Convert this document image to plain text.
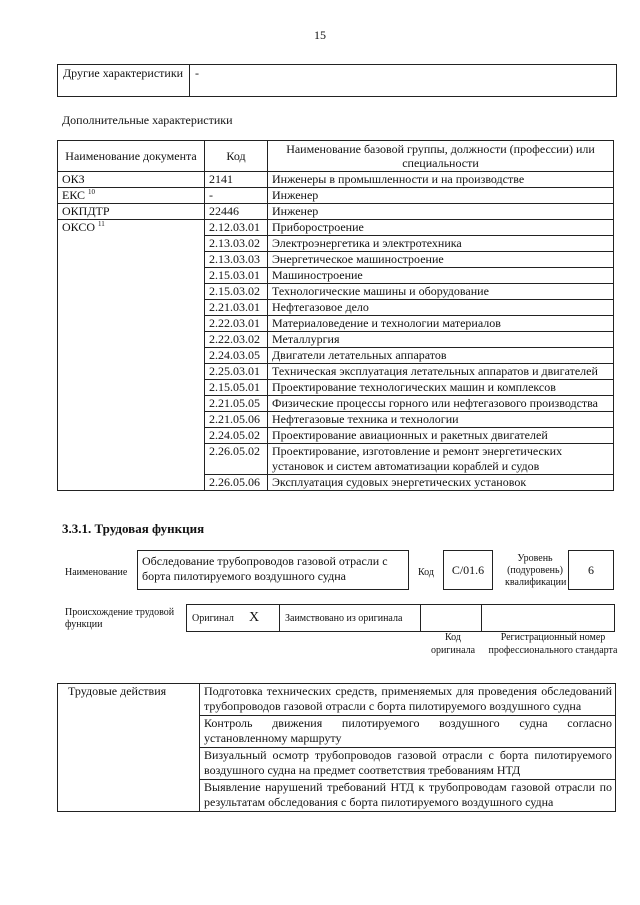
15
Другие характеристики	-
Дополнительные характеристики
Наименование документа	Код	Наименование базовой группы, должности (профессии) или специальности
ОКЗ	2141	Инженеры в промышленности и на производстве
ЕКС $^{10}$	-	Инженер
ОКПДТР	22446	Инженер
ОКСО $^{11}$	2.12.03.01	Приборостроение
	2.13.03.02	Электроэнергетика и электротехника
	2.13.03.03	Энергетическое машиностроение
	2.15.03.01	Машиностроение
	2.15.03.02	Технологические машины и оборудование
	2.21.03.01	Нефтегазовое дело
	2.22.03.01	Материаловедение и технологии материалов
	2.22.03.02	Металлургия
	2.24.03.05	Двигатели летательных аппаратов
	2.25.03.01	Техническая эксплуатация летательных аппаратов и двигателей
	2.15.05.01	Проектирование технологических машин и комплексов
	2.21.05.05	Физические процессы горного или нефтегазового производства
	2.21.05.06	Нефтегазовые техника и технологии
	2.24.05.02	Проектирование авиационных и ракетных двигателей
	2.26.05.02	Проектирование, изготовление и ремонт энергетических установок и систем автоматизации кораблей и судов
	2.26.05.06	Эксплуатация судовых энергетических установок
3.3.1. Трудовая функция
Наименование
Обследование трубопроводов газовой отрасли с борта пилотируемого воздушного судна	Код	C/01.6
Уровень (подуровень) квалификации
6
Происхождение трудовой функции
Оригинал X	Заимствовано из оригинала
Код оригинала
Регистрационный номер профессионального стандарта
Трудовые действия	Подготовка технических средств, применяемых для проведения обследований трубопроводов газовой отрасли с борта пилотируемого воздушного судна
Контроль движения пилотируемого воздушного судна согласно установленному маршруту
Визуальный осмотр трубопроводов газовой отрасли с борта пилотируемого воздушного судна на предмет соответствия требованиям НТД
Выявление нарушений требований НТД к трубопроводам газовой отрасли по результатам обследования с борта пилотируемого воздушного судна
